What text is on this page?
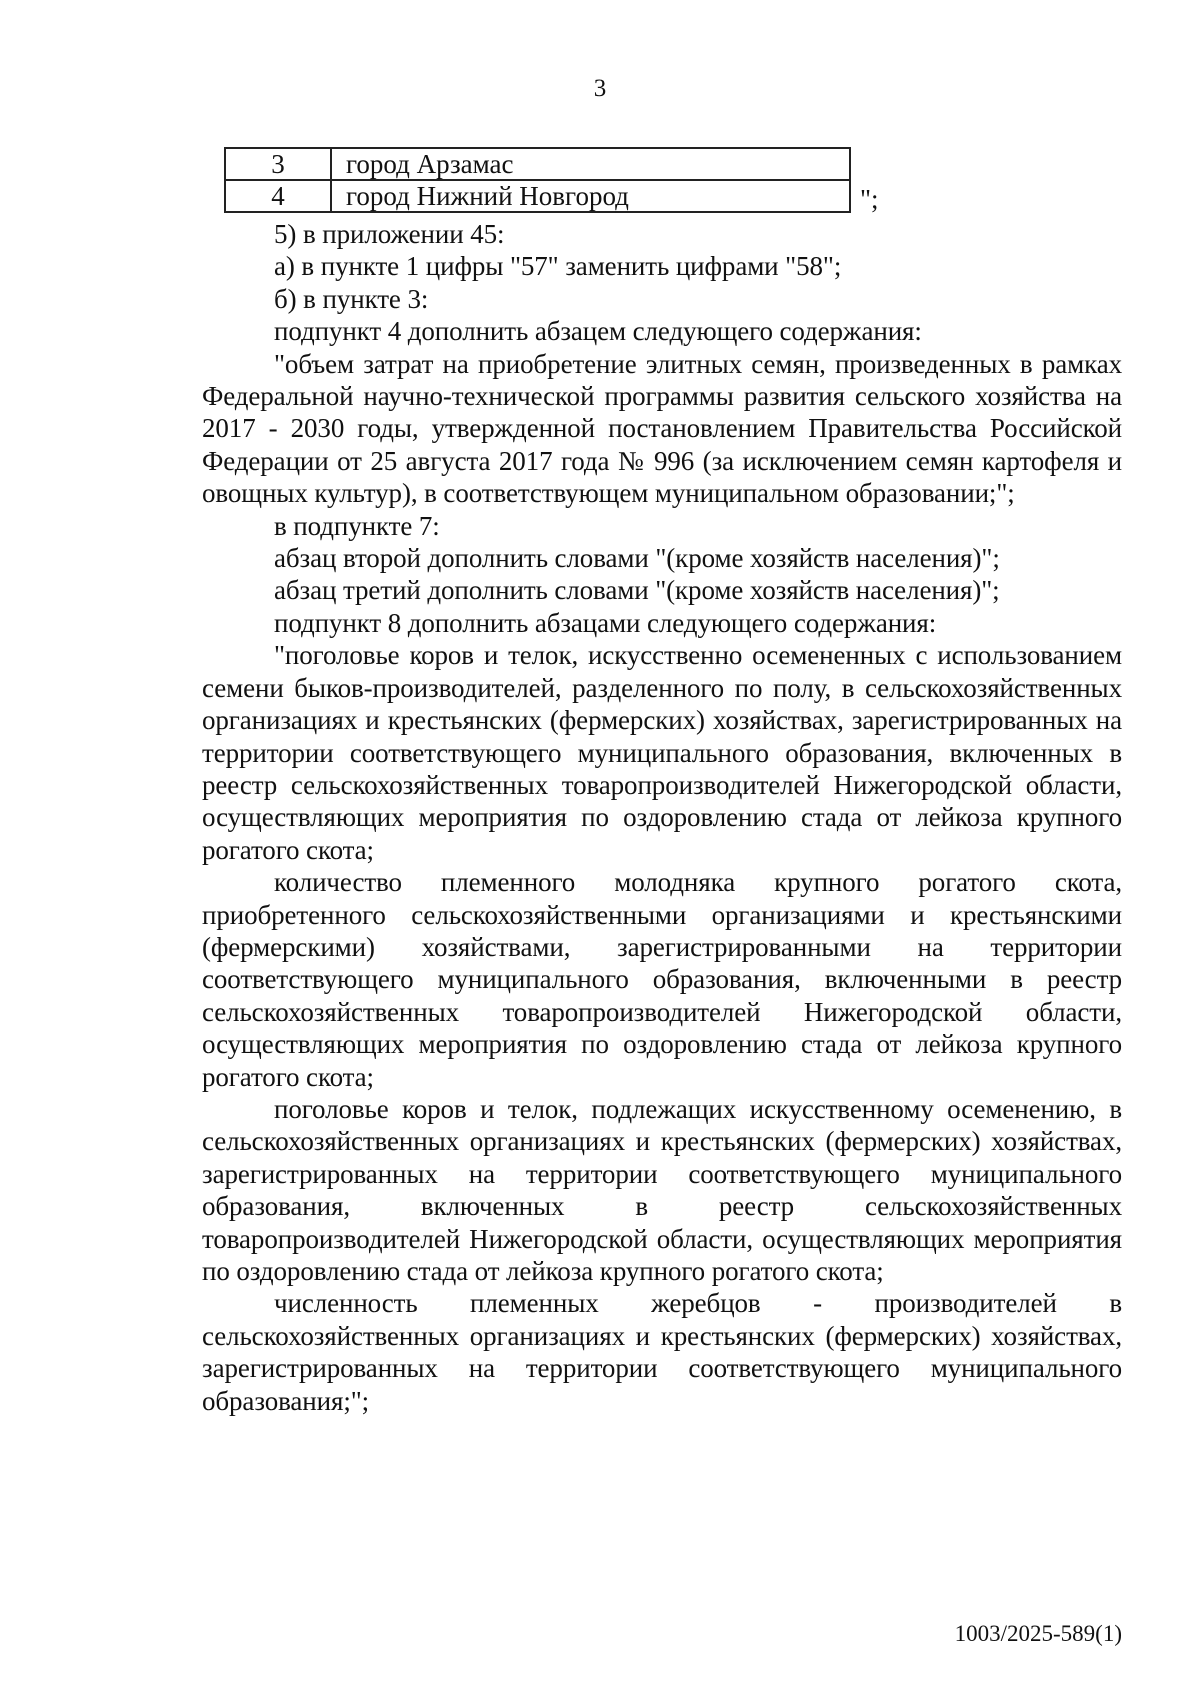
3
3	город Арзамас
4	город Нижний Новгород	";

5) в приложении 45:

а) в пункте 1 цифры "57" заменить цифрами "58";

б) в пункте 3:

подпункт 4 дополнить абзацем следующего содержания:

"объем затрат на приобретение элитных семян, произведенных в рамках Федеральной научно-технической программы развития сельского хозяйства на 2017 - 2030 годы, утвержденной постановлением Правительства Российской Федерации от 25 августа 2017 года № 996 (за исключением семян картофеля и овощных культур), в соответствующем муниципальном образовании;";

в подпункте 7:

абзац второй дополнить словами "(кроме хозяйств населения)";

абзац третий дополнить словами "(кроме хозяйств населения)";

подпункт 8 дополнить абзацами следующего содержания:

"поголовье коров и телок, искусственно осемененных с использованием семени быков-производителей, разделенного по полу, в сельскохозяйственных организациях и крестьянских (фермерских) хозяйствах, зарегистрированных на территории соответствующего муниципального образования, включенных в реестр сельскохозяйственных товаропроизводителей Нижегородской области, осуществляющих мероприятия по оздоровлению стада от лейкоза крупного рогатого скота;

количество племенного молодняка крупного рогатого скота, приобретенного сельскохозяйственными организациями и крестьянскими (фермерскими) хозяйствами, зарегистрированными на территории соответствующего муниципального образования, включенными в реестр сельскохозяйственных товаропроизводителей Нижегородской области, осуществляющих мероприятия по оздоровлению стада от лейкоза крупного рогатого скота;

поголовье коров и телок, подлежащих искусственному осеменению, в сельскохозяйственных организациях и крестьянских (фермерских) хозяйствах, зарегистрированных на территории соответствующего муниципального образования, включенных в реестр сельскохозяйственных товаропроизводителей Нижегородской области, осуществляющих мероприятия по оздоровлению стада от лейкоза крупного рогатого скота;

численность племенных жеребцов - производителей в сельскохозяйственных организациях и крестьянских (фермерских) хозяйствах, зарегистрированных на территории соответствующего муниципального образования;";

1003/2025-589(1)
